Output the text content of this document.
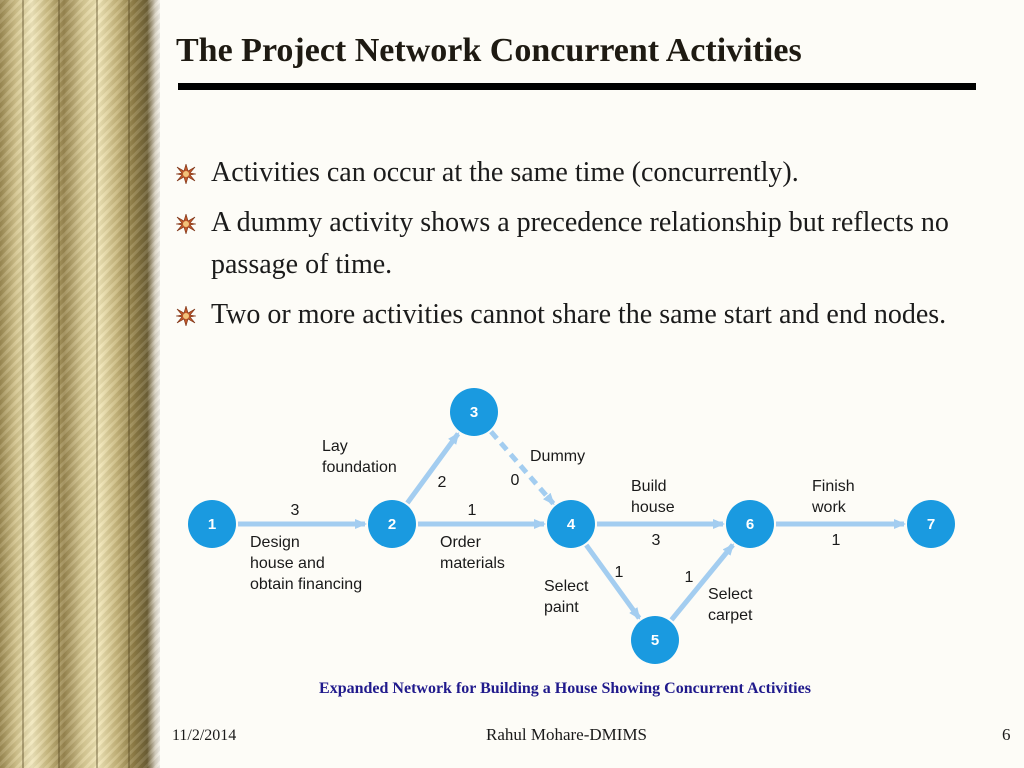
The Project Network Concurrent Activities
Activities can occur at the same time (concurrently).
A dummy activity shows a precedence relationship but reflects no passage of time.
Two or more activities cannot share the same start and end nodes.
1	2
3
4
5
6	7
3
Design house and obtain financing
2
Lay foundation
1
Order materials
0
Dummy
3
Build house
1
Select paint
1
Select carpet
1
Finish work
Expanded Network for Building a House Showing Concurrent Activities
11/2/2014	Rahul Mohare-DMIMS	6
